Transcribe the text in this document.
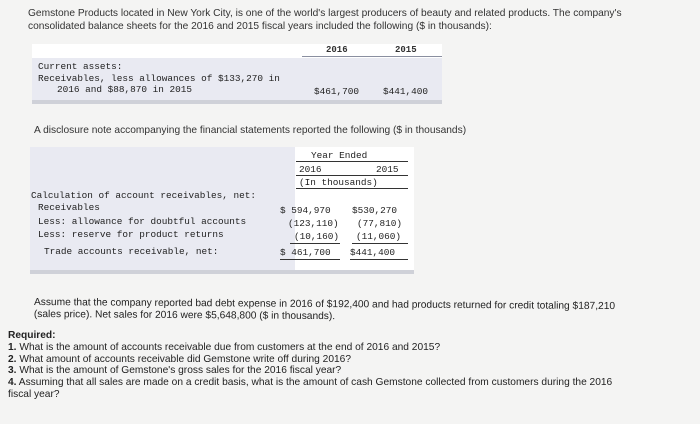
Gemstone Products located in New York City, is one of the world's largest producers of beauty and related products. The company's
consolidated balance sheets for the 2016 and 2015 fiscal years included the following ($ in thousands):
2016	2015
Current assets:
Receivables, less allowances of $133,270 in
2016 and $88,870 in 2015	$461,700	$441,400
A disclosure note accompanying the financial statements reported the following ($ in thousands)
Year Ended
2016	2015
(In thousands)
Calculation of account receivables, net:
Receivables	$ 594,970 $530,270
Less: allowance for doubtful accounts	(123,110) (77,810)
Less: reserve for product returns	(10,160) (11,060)
Trade accounts receivable, net:	$ 461,700 $441,400
Assume that the company reported bad debt expense in 2016 of $192,400 and had products returned for credit totaling $187,210
(sales price). Net sales for 2016 were $5,648,800 ($ in thousands).
Required:
1. What is the amount of accounts receivable due from customers at the end of 2016 and 2015?
2. What amount of accounts receivable did Gemstone write off during 2016?
3. What is the amount of Gemstone's gross sales for the 2016 fiscal year?
4. Assuming that all sales are made on a credit basis, what is the amount of cash Gemstone collected from customers during the 2016
fiscal year?
